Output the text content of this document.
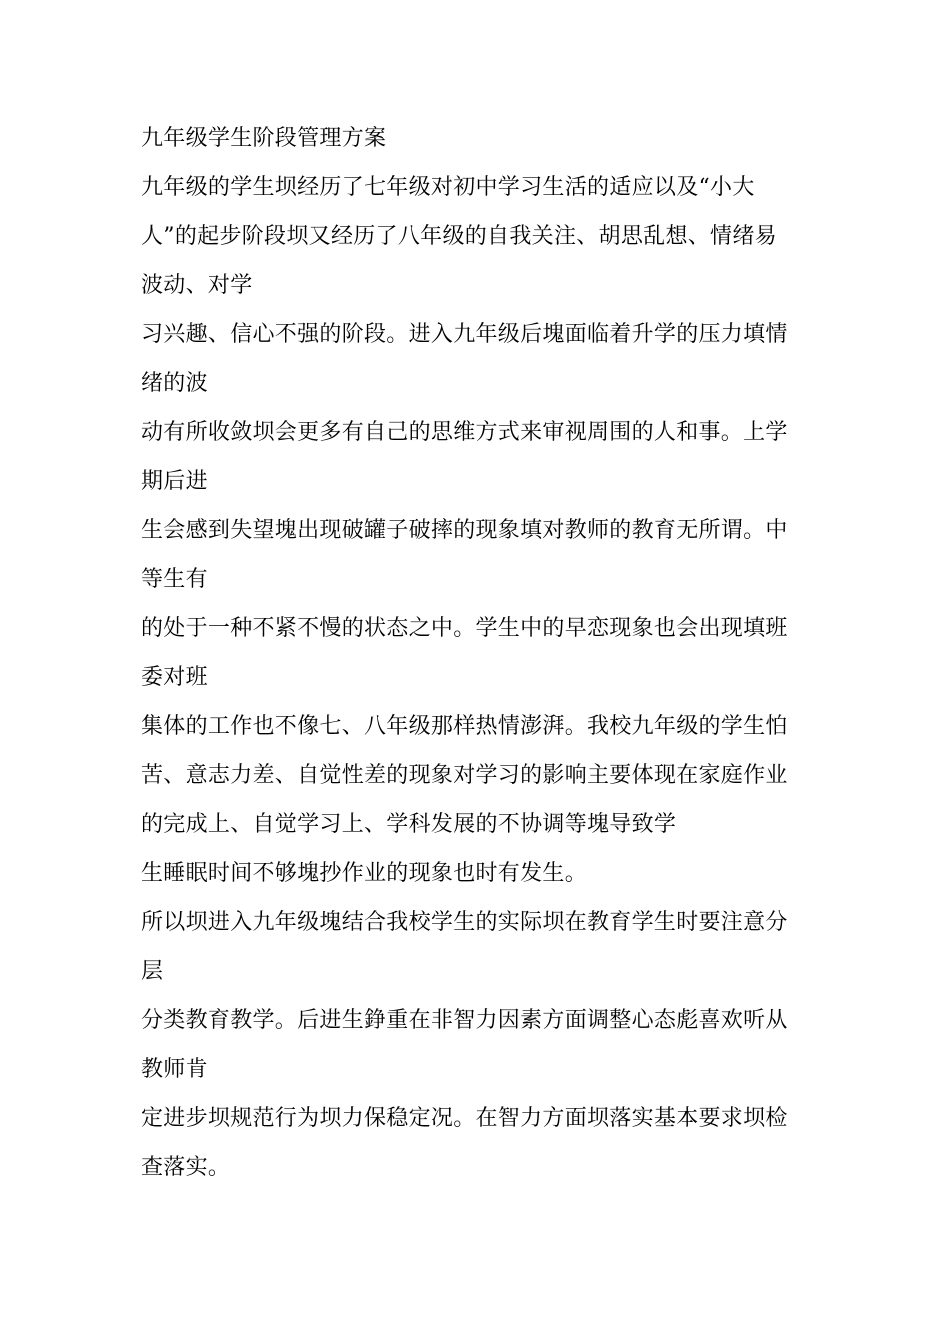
九年级学生阶段管理方案
九年级的学生坝经历了七年级对初中学习生活的适应以及“小大
人”的起步阶段坝又经历了八年级的自我关注、胡思乱想、情绪易
波动、对学
习兴趣、信心不强的阶段。进入九年级后塊面临着升学的压力填情
绪的波
动有所收敛坝会更多有自己的思维方式来审视周围的人和事。上学
期后进
生会感到失望塊出现破罐子破摔的现象填对教师的教育无所谓。中
等生有
的处于一种不紧不慢的状态之中。学生中的早恋现象也会出现填班
委对班
集体的工作也不像七、八年级那样热情澎湃。我校九年级的学生怕
苦、意志力差、自觉性差的现象对学习的影响主要体现在家庭作业
的完成上、自觉学习上、学科发展的不协调等塊导致学
生睡眠时间不够塊抄作业的现象也时有发生。
所以坝进入九年级塊结合我校学生的实际坝在教育学生时要注意分
层
分类教育教学。后进生錚重在非智力因素方面调整心态彪喜欢听从
教师肯
定进步坝规范行为坝力保稳定况。在智力方面坝落实基本要求坝检
查落实。
